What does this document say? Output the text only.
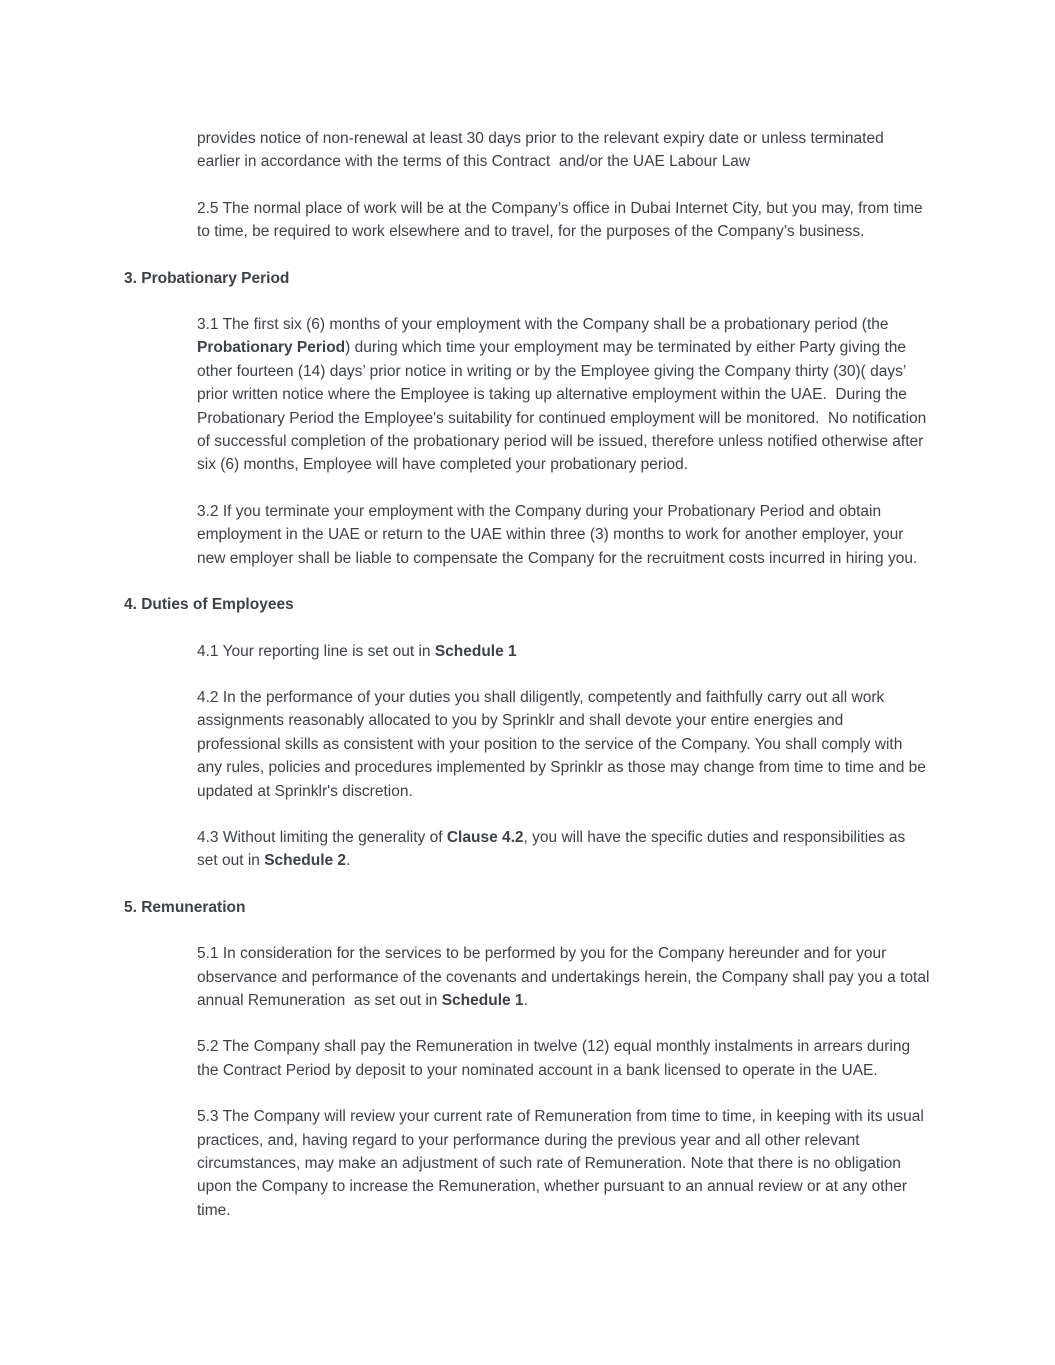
provides notice of non-renewal at least 30 days prior to the relevant expiry date or unless terminated earlier in accordance with the terms of this Contract  and/or the UAE Labour Law
2.5 The normal place of work will be at the Company’s office in Dubai Internet City, but you may, from time to time, be required to work elsewhere and to travel, for the purposes of the Company’s business.
3. Probationary Period
3.1 The first six (6) months of your employment with the Company shall be a probationary period (the Probationary Period) during which time your employment may be terminated by either Party giving the other fourteen (14) days’ prior notice in writing or by the Employee giving the Company thirty (30)( days’ prior written notice where the Employee is taking up alternative employment within the UAE.  During the Probationary Period the Employee's suitability for continued employment will be monitored.  No notification of successful completion of the probationary period will be issued, therefore unless notified otherwise after six (6) months, Employee will have completed your probationary period.
3.2 If you terminate your employment with the Company during your Probationary Period and obtain employment in the UAE or return to the UAE within three (3) months to work for another employer, your new employer shall be liable to compensate the Company for the recruitment costs incurred in hiring you.
4. Duties of Employees
4.1 Your reporting line is set out in Schedule 1
4.2 In the performance of your duties you shall diligently, competently and faithfully carry out all work assignments reasonably allocated to you by Sprinklr and shall devote your entire energies and professional skills as consistent with your position to the service of the Company. You shall comply with any rules, policies and procedures implemented by Sprinklr as those may change from time to time and be updated at Sprinklr's discretion.
4.3 Without limiting the generality of Clause 4.2, you will have the specific duties and responsibilities as set out in Schedule 2.
5. Remuneration
5.1 In consideration for the services to be performed by you for the Company hereunder and for your observance and performance of the covenants and undertakings herein, the Company shall pay you a total annual Remuneration  as set out in Schedule 1.
5.2 The Company shall pay the Remuneration in twelve (12) equal monthly instalments in arrears during the Contract Period by deposit to your nominated account in a bank licensed to operate in the UAE.
5.3 The Company will review your current rate of Remuneration from time to time, in keeping with its usual practices, and, having regard to your performance during the previous year and all other relevant circumstances, may make an adjustment of such rate of Remuneration. Note that there is no obligation upon the Company to increase the Remuneration, whether pursuant to an annual review or at any other time.
